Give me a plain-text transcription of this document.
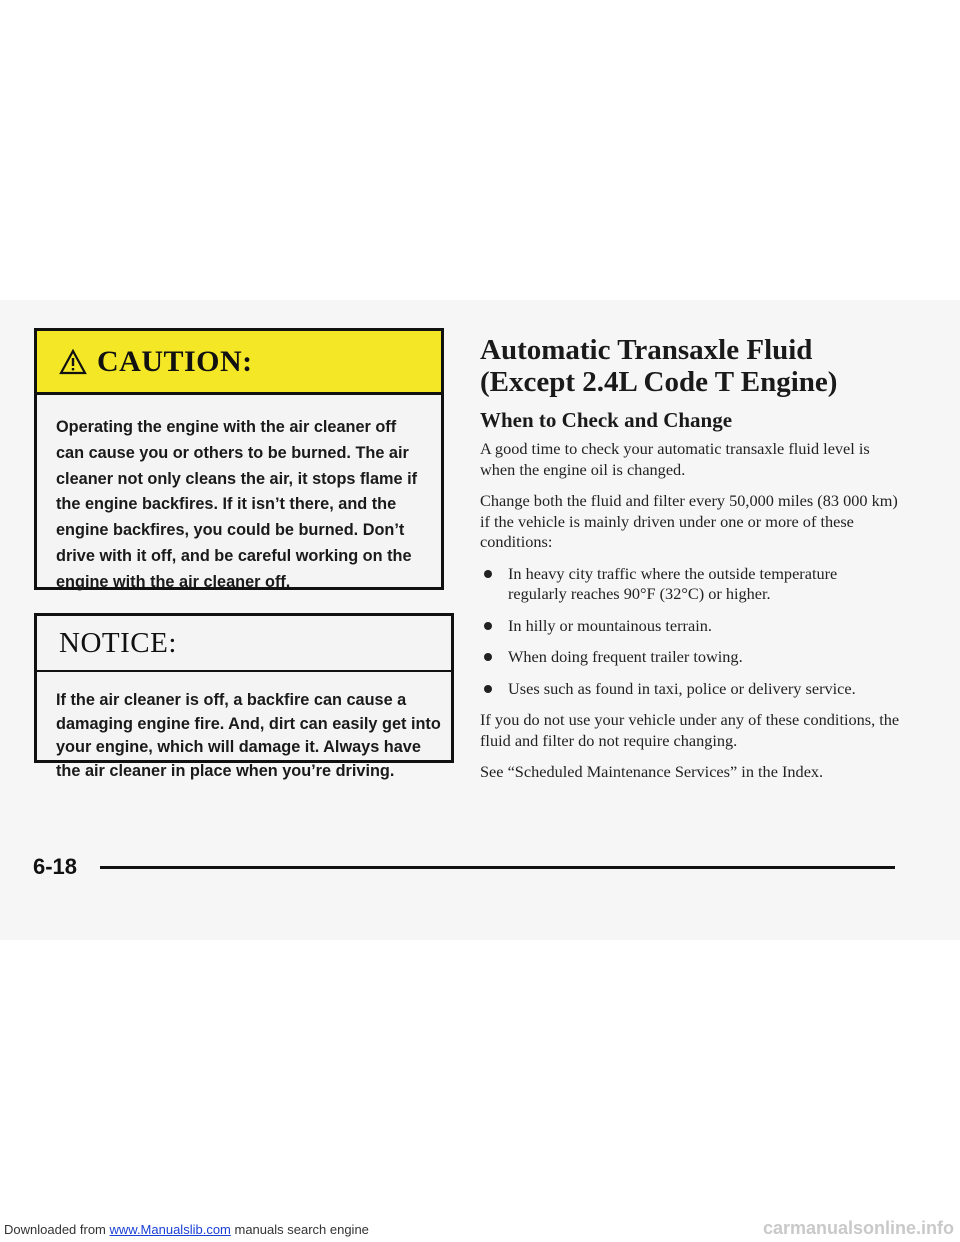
CAUTION:
Operating the engine with the air cleaner off can cause you or others to be burned. The air cleaner not only cleans the air, it stops flame if the engine backfires. If it isn’t there, and the engine backfires, you could be burned. Don’t drive with it off, and be careful working on the engine with the air cleaner off.
NOTICE:
If the air cleaner is off, a backfire can cause a damaging engine fire. And, dirt can easily get into your engine, which will damage it. Always have the air cleaner in place when you’re driving.
Automatic Transaxle Fluid
(Except 2.4L Code T Engine)
When to Check and Change

A good time to check your automatic transaxle fluid level is when the engine oil is changed.

Change both the fluid and filter every 50,000 miles (83 000 km) if the vehicle is mainly driven under one or more of these conditions:

In heavy city traffic where the outside temperature regularly reaches 90°F (32°C) or higher.
In hilly or mountainous terrain.
When doing frequent trailer towing.
Uses such as found in taxi, police or delivery service.

If you do not use your vehicle under any of these conditions, the fluid and filter do not require changing.

See “Scheduled Maintenance Services” in the Index.

6-18
Downloaded from www.Manualslib.com manuals search engine	carmanualsonline.info
